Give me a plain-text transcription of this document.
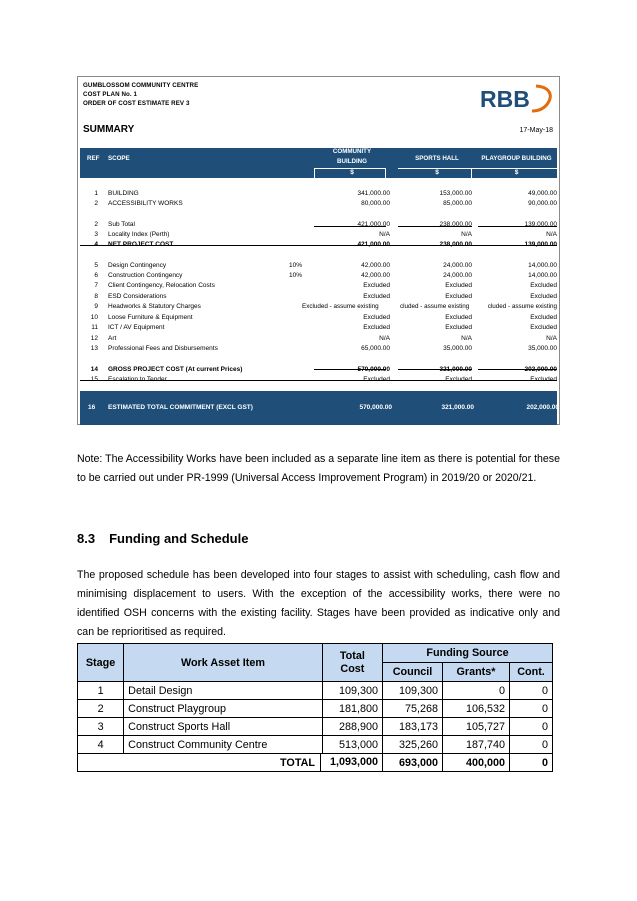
GUMBLOSSOM COMMUNITY CENTRE
COST PLAN No. 1
ORDER OF COST ESTIMATE REV 3	RBB
SUMMARY	17-May-18
REF SCOPE
COMMUNITY
BUILDING	SPORTS HALL	PLAYGROUP BUILDING
$	$	$
1 BUILDING	341,000.00	153,000.00	49,000.00
2 ACCESSIBILITY WORKS	80,000.00	85,000.00	90,000.00
2 Sub Total	421,000.00	238,000.00	139,000.00
3 Locality Index (Perth)	N/A	N/A	N/A
4 NET PROJECT COST	421,000.00	238,000.00	139,000.00
5 Design Contingency	10%	42,000.00	24,000.00	14,000.00
6 Construction Contingency	10%	42,000.00	24,000.00	14,000.00
7 Client Contingency, Relocation Costs	Excluded	Excluded	Excluded
8 ESD Considerations	Excluded	Excluded	Excluded
9 Headworks & Statutory Charges	Excluded - assume existing	cluded - assume existing	cluded - assume existing
10 Loose Furniture & Equipment	Excluded	Excluded	Excluded
11 ICT / AV Equipment	Excluded	Excluded	Excluded
12 Art	N/A	N/A	N/A
13 Professional Fees and Disbursements	65,000.00	35,000.00	35,000.00
14 GROSS PROJECT COST (At current Prices)	570,000.00	321,000.00	202,000.00
15 Escalation to Tender	Excluded	Excluded	Excluded
16 ESTIMATED TOTAL COMMITMENT (EXCL GST)	570,000.00	321,000.00	202,000.00
Note: The Accessibility Works have been included as a separate line item as there is potential for these to be carried out under PR-1999 (Universal Access Improvement Program) in 2019/20 or 2020/21.
8.3 Funding and Schedule
The proposed schedule has been developed into four stages to assist with scheduling, cash flow and minimising displacement to users. With the exception of the accessibility works, there were no identified OSH concerns with the existing facility. Stages have been provided as indicative only and can be reprioritised as required.
Stage	Work Asset Item	Total Cost	Funding Source		
			Council	Grants*	Cont.
1	Detail Design	109,300	109,300	0	0
2	Construct Playgroup	181,800	75,268	106,532	0
3	Construct Sports Hall	288,900	183,173	105,727	0
4	Construct Community Centre	513,000	325,260	187,740	0

TOTAL 1,093,000			693,000	400,000	0
